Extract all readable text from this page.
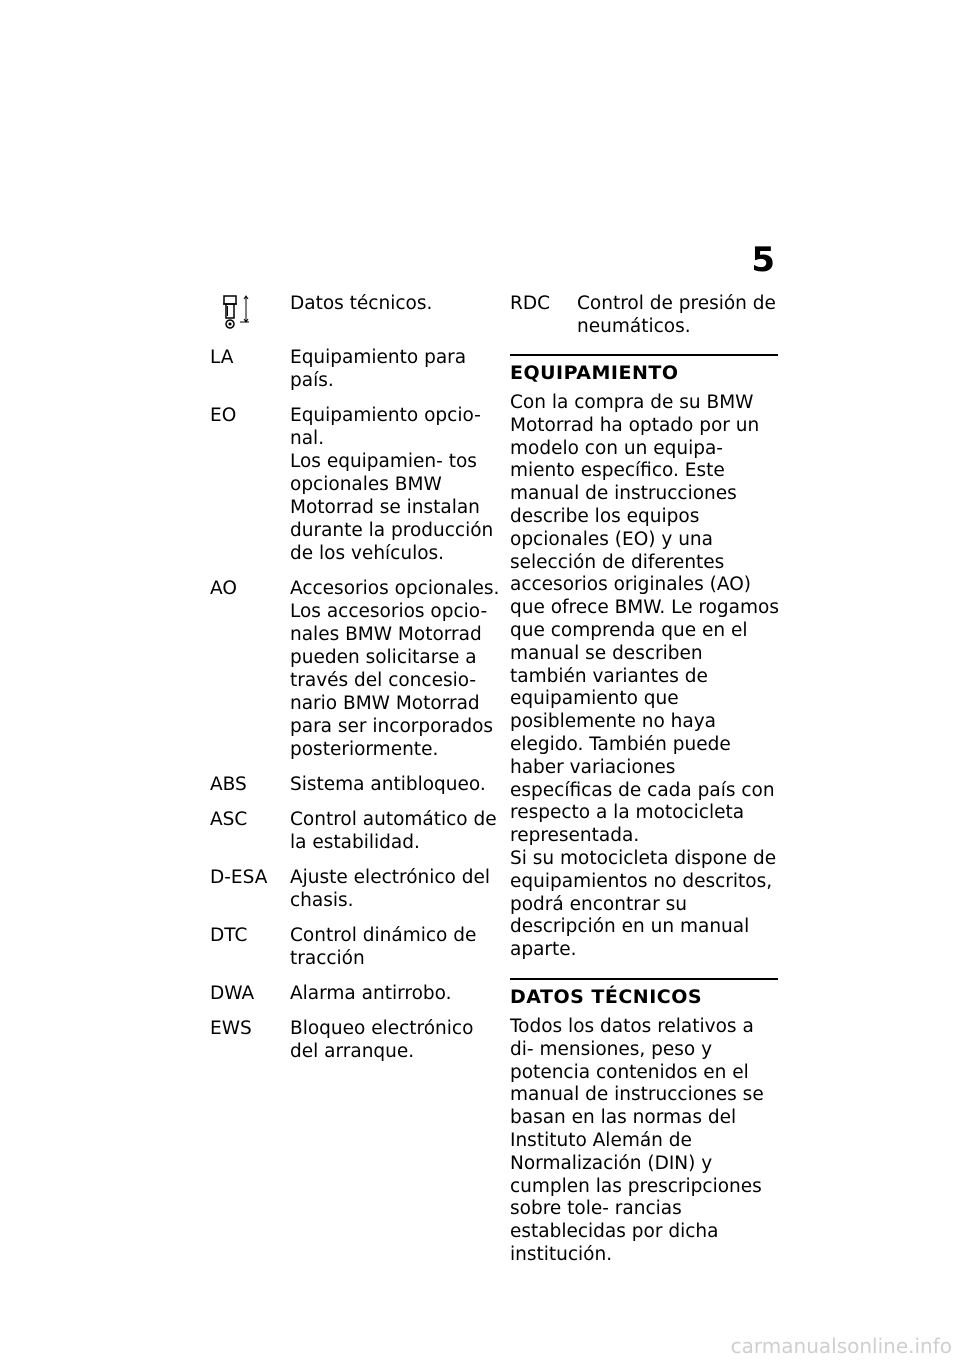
5

Datos técnicos.

LA	Equipamiento para país.

EO	Equipamiento opcio- nal.

Los equipamien- tos opcionales BMW Motorrad se instalan durante la producción de los vehículos.

AO	Accesorios opcionales.

Los accesorios opcio- nales BMW Motorrad pueden solicitarse a través del concesio- nario BMW Motorrad para ser incorporados posteriormente.

ABS	Sistema antibloqueo.

ASC	Control automático de la estabilidad.

D-ESA	Ajuste electrónico del chasis.

DTC	Control dinámico de tracción

DWA	Alarma antirrobo.

EWS	Bloqueo electrónico del arranque.

RDC	Control de presión de neumáticos.
EQUIPAMIENTO

Con la compra de su BMW Motorrad ha optado por un modelo con un equipa- miento específico. Este manual de instrucciones describe los equipos opcionales (EO) y una selección de diferentes accesorios originales (AO) que ofrece BMW. Le rogamos que comprenda que en el manual se describen también variantes de equipamiento que posiblemente no haya elegido. También puede haber variaciones específicas de cada país con respecto a la motocicleta representada.

Si su motocicleta dispone de equipamientos no descritos, podrá encontrar su descripción en un manual aparte.

DATOS TÉCNICOS

Todos los datos relativos a di- mensiones, peso y potencia contenidos en el manual de instrucciones se basan en las normas del Instituto Alemán de Normalización (DIN) y cumplen las prescripciones sobre tole- rancias establecidas por dicha institución.

carmanualsonline.info
